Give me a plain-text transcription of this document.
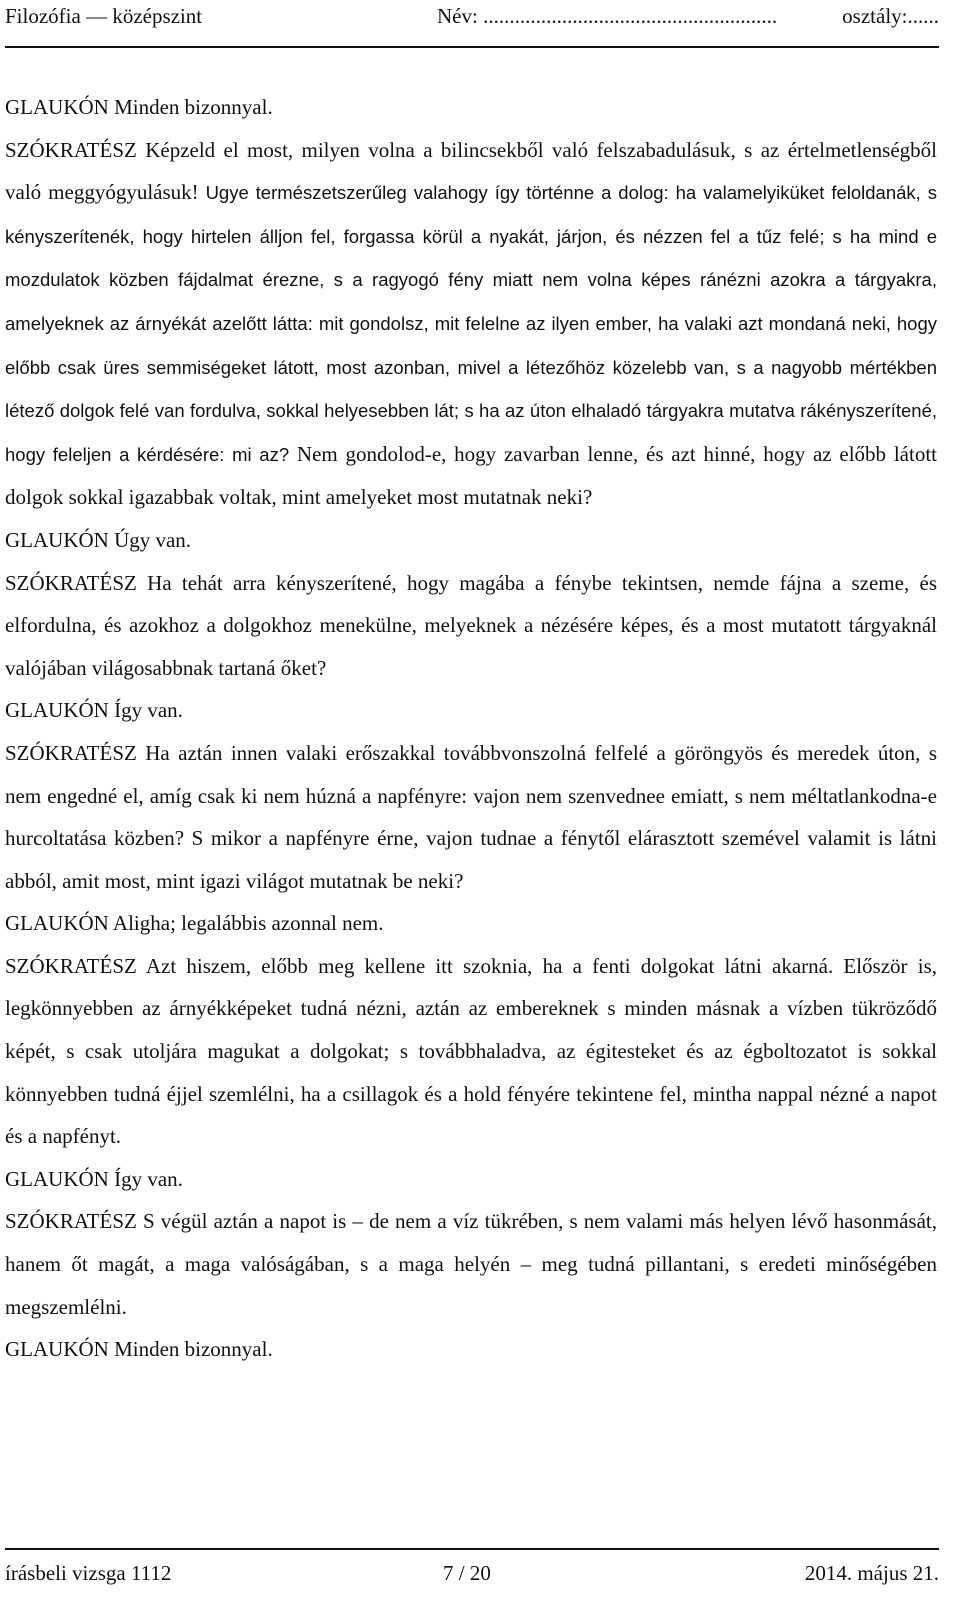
Filozófia — középszint	Név: ........................................................	osztály:......

GLAUKÓN Minden bizonnyal.

SZÓKRATÉSZ Képzeld el most, milyen volna a bilincsekből való felszabadulásuk, s az értelmetlenségből való meggyógyulásuk! Ugye természetszerűleg valahogy így történne a dolog: ha valamelyiküket feloldanák, s kényszerítenék, hogy hirtelen álljon fel, forgassa körül a nyakát, járjon, és nézzen fel a tűz felé; s ha mind e mozdulatok közben fájdalmat érezne, s a ragyogó fény miatt nem volna képes ránézni azokra a tárgyakra, amelyeknek az árnyékát azelőtt látta: mit gondolsz, mit felelne az ilyen ember, ha valaki azt mondaná neki, hogy előbb csak üres semmiségeket látott, most azonban, mivel a létezőhöz közelebb van, s a nagyobb mértékben létező dolgok felé van fordulva, sokkal helyesebben lát; s ha az úton elhaladó tárgyakra mutatva rákényszerítené, hogy feleljen a kérdésére: mi az? Nem gondolod-e, hogy zavarban lenne, és azt hinné, hogy az előbb látott dolgok sokkal igazabbak voltak, mint amelyeket most mutatnak neki?

GLAUKÓN Úgy van.

SZÓKRATÉSZ Ha tehát arra kényszerítené, hogy magába a fénybe tekintsen, nemde fájna a szeme, és elfordulna, és azokhoz a dolgokhoz menekülne, melyeknek a nézésére képes, és a most mutatott tárgyaknál valójában világosabbnak tartaná őket?

GLAUKÓN Így van.

SZÓKRATÉSZ Ha aztán innen valaki erőszakkal továbbvonszolná felfelé a göröngyös és meredek úton, s nem engedné el, amíg csak ki nem húzná a napfényre: vajon nem szenvednee emiatt, s nem méltatlankodna-e hurcoltatása közben? S mikor a napfényre érne, vajon tudnae a fénytől elárasztott szemével valamit is látni abból, amit most, mint igazi világot mutatnak be neki?

GLAUKÓN Aligha; legalábbis azonnal nem.

SZÓKRATÉSZ Azt hiszem, előbb meg kellene itt szoknia, ha a fenti dolgokat látni akarná. Először is, legkönnyebben az árnyékképeket tudná nézni, aztán az embereknek s minden másnak a vízben tükröződő képét, s csak utoljára magukat a dolgokat; s továbbhaladva, az égitesteket és az égboltozatot is sokkal könnyebben tudná éjjel szemlélni, ha a csillagok és a hold fényére tekintene fel, mintha nappal nézné a napot és a napfényt.

GLAUKÓN Így van.

SZÓKRATÉSZ S végül aztán a napot is – de nem a víz tükrében, s nem valami más helyen lévő hasonmását, hanem őt magát, a maga valóságában, s a maga helyén – meg tudná pillantani, s eredeti minőségében megszemlélni.

GLAUKÓN Minden bizonnyal.

írásbeli vizsga 1112	7 / 20	2014. május 21.
